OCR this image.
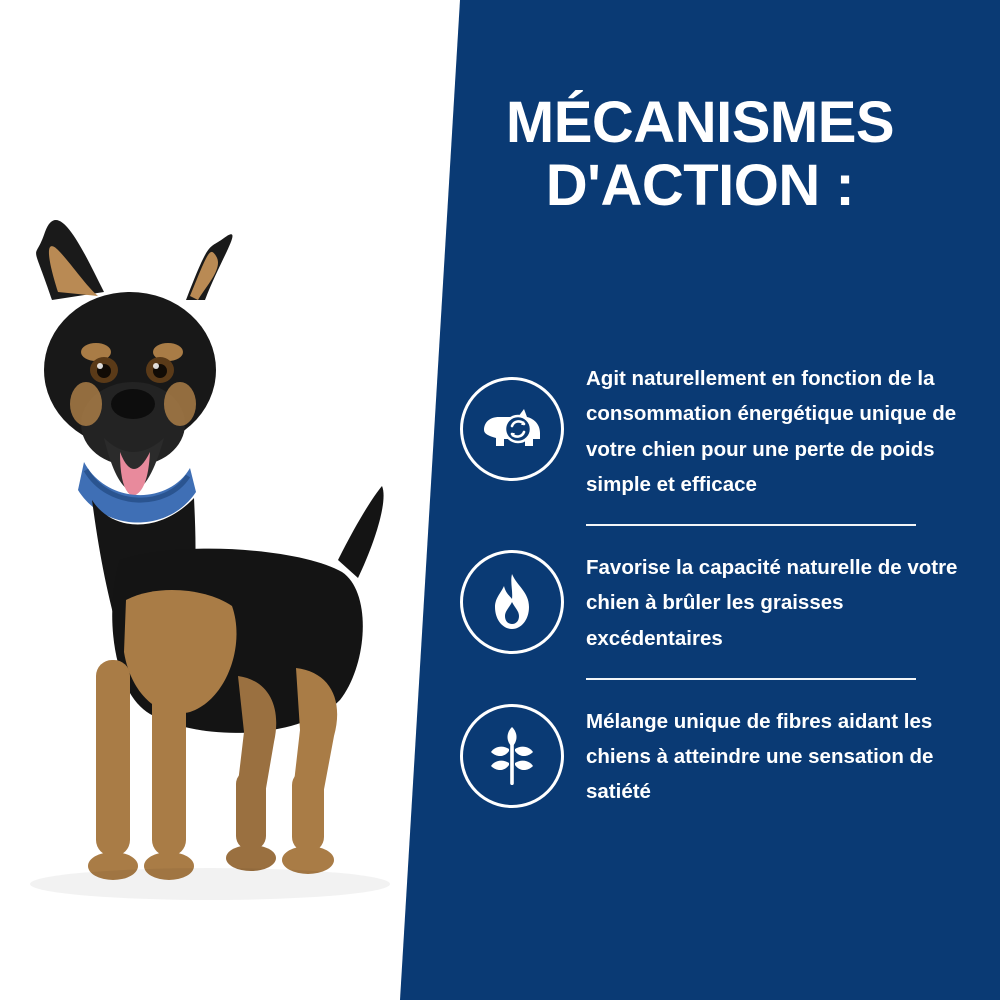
MÉCANISMES
D'ACTION :
Agit naturellement en fonction de la consommation énergétique unique de votre chien pour une perte de poids simple et efficace
Favorise la capacité naturelle de votre chien à brûler les graisses excédentaires
Mélange unique de fibres aidant les chiens à atteindre une sensation de satiété
